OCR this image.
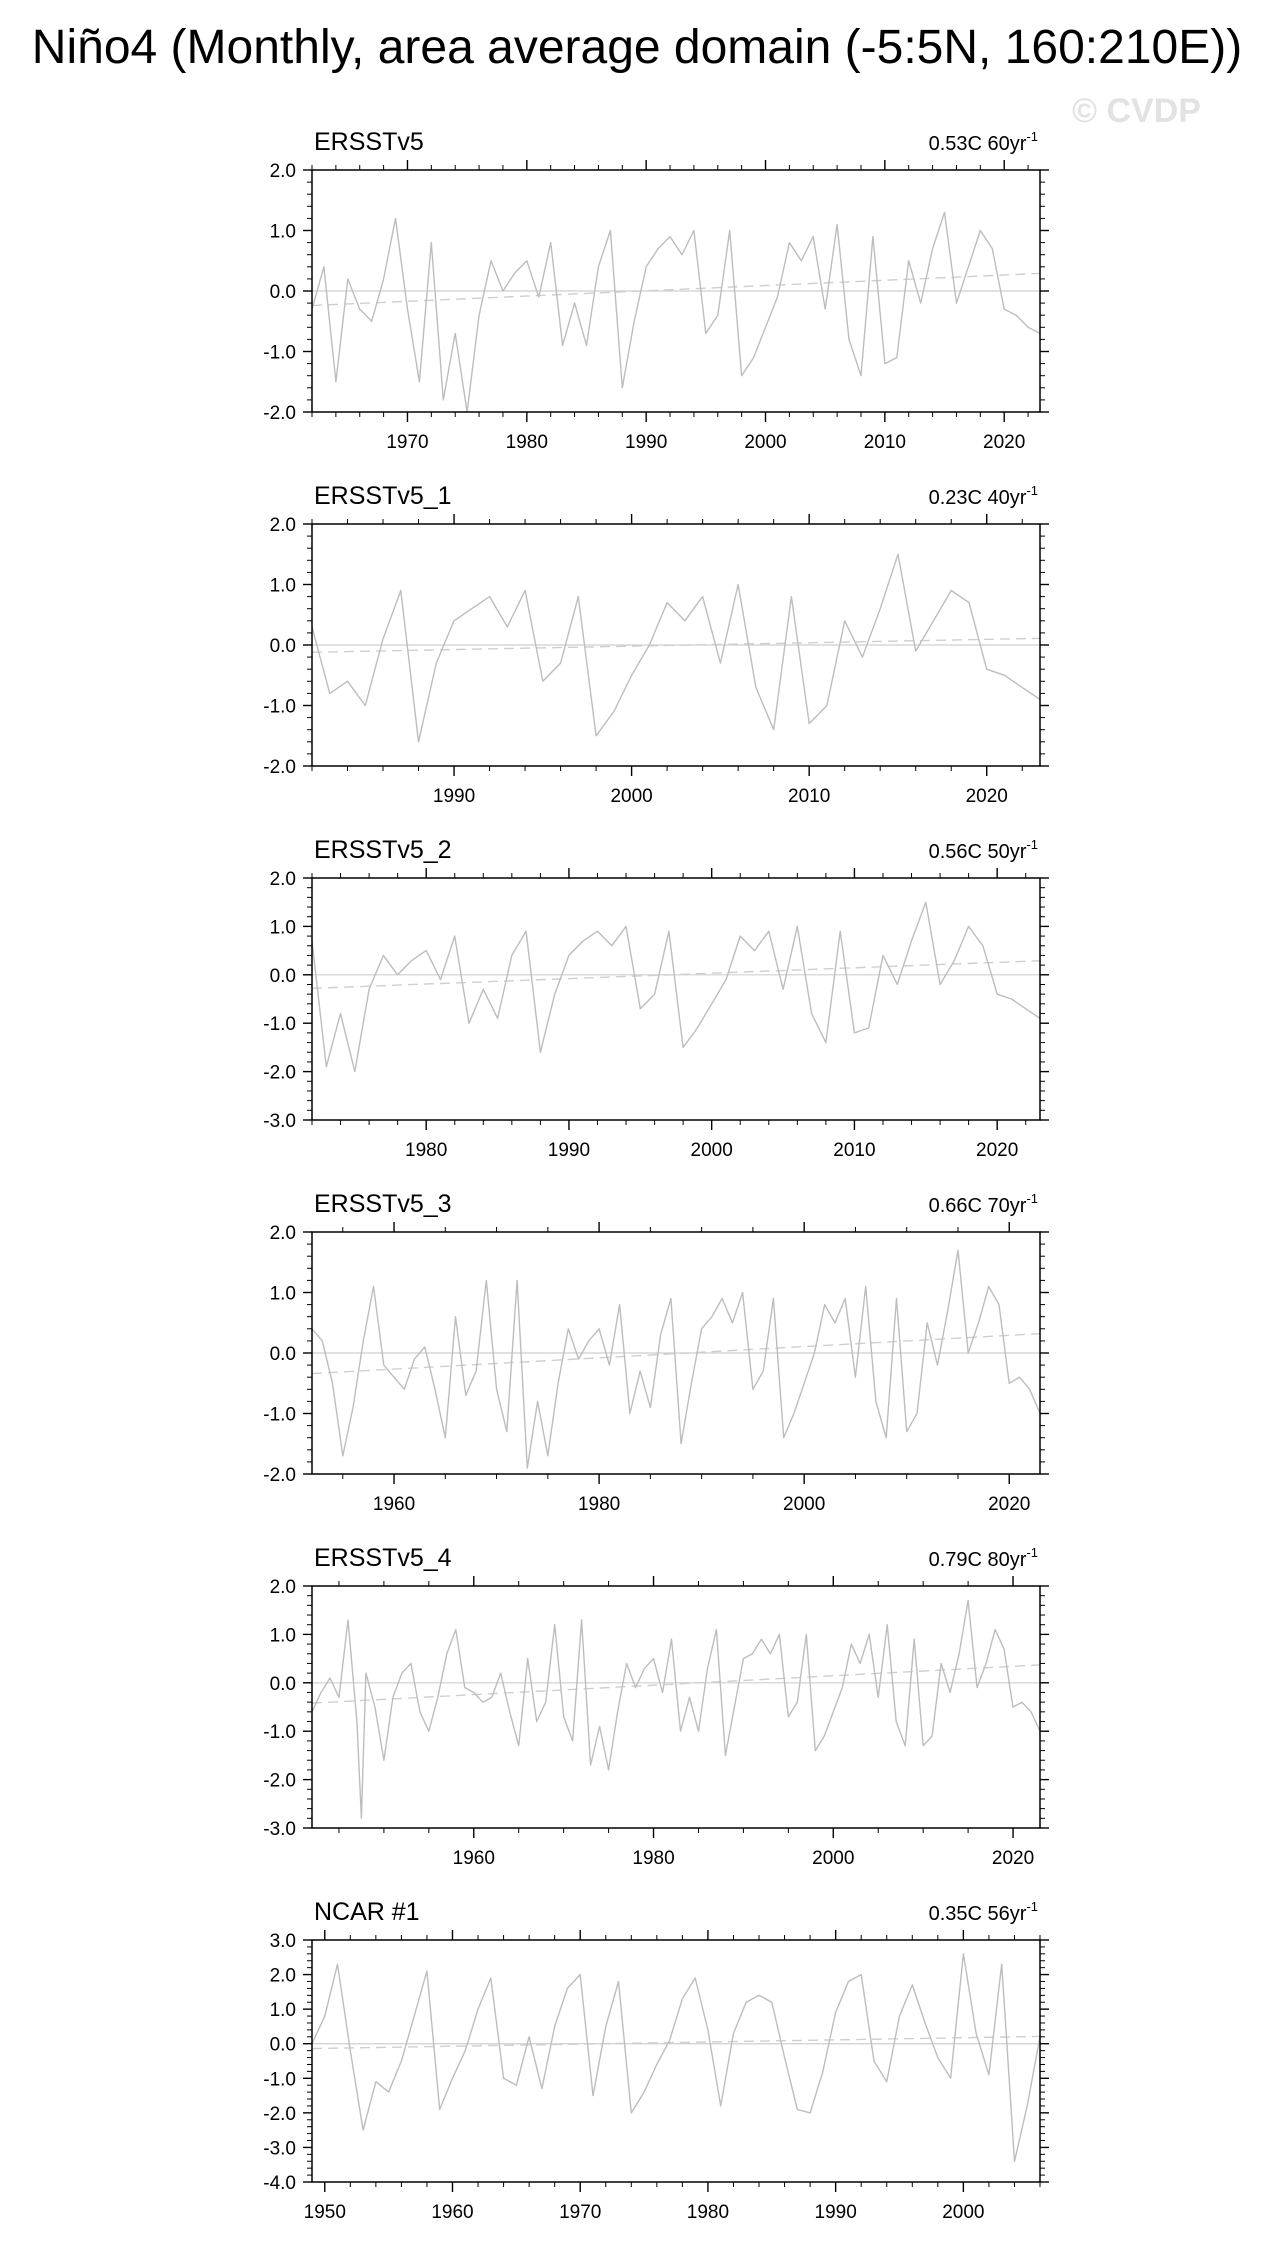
Niño4 (Monthly, area average domain (-5:5N, 160:210E))
© CVDP
-2.0
-1.0
0.0
1.0
2.0
1970	1980	1990	2000	2010	2020
ERSSTv5	0.53C $60yr^{-1}$
-2.0
-1.0
0.0
1.0
2.0
1990	2000	2010	2020
ERSSTv5_1	0.23C $40yr^{-1}$
-3.0
-2.0
-1.0
0.0
1.0
2.0
1980	1990	2000	2010	2020
ERSSTv5_2	0.56C $50yr^{-1}$
-2.0
-1.0
0.0
1.0
2.0
1960	1980	2000	2020
ERSSTv5_3	0.66C $70yr^{-1}$
-3.0
-2.0
-1.0
0.0
1.0
2.0
1960	1980	2000	2020
ERSSTv5_4	0.79C $80yr^{-1}$
-4.0
-3.0
-2.0
-1.0
0.0
1.0
2.0
3.0
1950	1960	1970	1980	1990	2000
NCAR #1	0.35C $56yr^{-1}$
